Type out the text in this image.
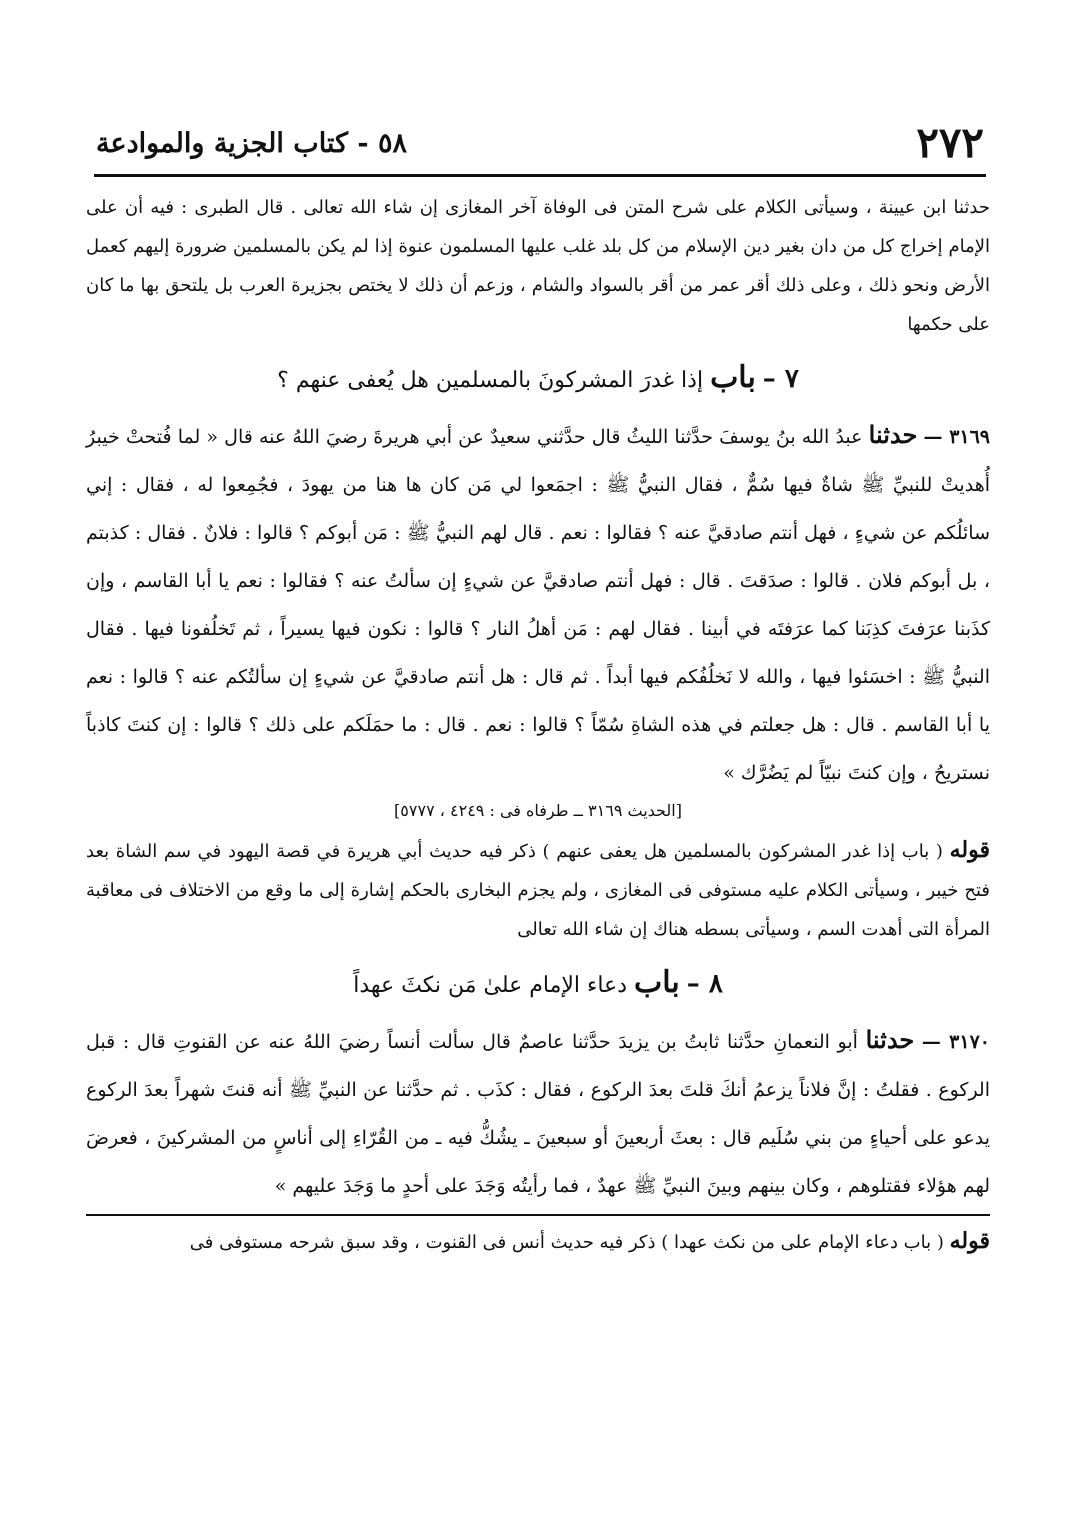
٢٧٢
٥٨ - كتاب الجزية والموادعة

حدثنا ابن عيينة ، وسيأتى الكلام على شرح المتن فى الوفاة آخر المغازى إن شاء الله تعالى . قال الطبرى : فيه أن على الإمام إخراج كل من دان بغير دين الإسلام من كل بلد غلب عليها المسلمون عنوة إذا لم يكن بالمسلمين ضرورة إليهم كعمل الأرض ونحو ذلك ، وعلى ذلك أقر عمر من أقر بالسواد والشام ، وزعم أن ذلك لا يختص بجزيرة العرب بل يلتحق بها ما كان على حكمها

٧ – باب إذا غدرَ المشركونَ بالمسلمين هل يُعفى عنهم ؟

٣١٦٩ — حدثنا عبدُ الله بنُ يوسفَ حدَّثنا الليثُ قال حدَّثني سعيدٌ عن أبي هريرةَ رضيَ اللهُ عنه قال « لما فُتحتْ خيبرُ أُهديتْ للنبيِّ ﷺ شاةٌ فيها سُمٌّ ، فقال النبيُّ ﷺ : اجمَعوا لي مَن كان ها هنا من يهودَ ، فجُمِعوا له ، فقال : إني سائلُكم عن شيءٍ ، فهل أنتم صادقيَّ عنه ؟ فقالوا : نعم . قال لهم النبيُّ ﷺ : مَن أبوكم ؟ قالوا : فلانٌ . فقال : كذبتم ، بل أبوكم فلان . قالوا : صدَقتَ . قال : فهل أنتم صادقيَّ عن شيءٍ إن سألتُ عنه ؟ فقالوا : نعم يا أبا القاسم ، وإن كذَبنا عرَفتَ كذِبَنا كما عرَفتَه في أبينا . فقال لهم : مَن أهلُ النار ؟ قالوا : نكون فيها يسيراً ، ثم تَخلُفونا فيها . فقال النبيُّ ﷺ : اخسَئوا فيها ، والله لا نَخلُفُكم فيها أبداً . ثم قال : هل أنتم صادقيَّ عن شيءٍ إن سألتُكم عنه ؟ قالوا : نعم يا أبا القاسم . قال : هل جعلتم في هذه الشاةِ سُمّاً ؟ قالوا : نعم . قال : ما حمَلَكم على ذلك ؟ قالوا : إن كنتَ كاذباً نستريحُ ، وإن كنتَ نبيّاً لم يَضُرَّك »

[الحديث ٣١٦٩ ــ طرفاه فى : ٤٢٤٩ ، ٥٧٧٧]

قوله ( باب إذا غدر المشركون بالمسلمين هل يعفى عنهم ) ذكر فيه حديث أبي هريرة في قصة اليهود في سم الشاة بعد فتح خيبر ، وسيأتى الكلام عليه مستوفى فى المغازى ، ولم يجزم البخارى بالحكم إشارة إلى ما وقع من الاختلاف فى معاقبة المرأة التى أهدت السم ، وسيأتى بسطه هناك إن شاء الله تعالى

٨ – باب دعاء الإمام علىٰ مَن نكثَ عهداً

٣١٧٠ — حدثنا أبو النعمانِ حدَّثنا ثابتُ بن يزيدَ حدَّثنا عاصمٌ قال سألت أنساً رضيَ اللهُ عنه عن القنوتِ قال : قبل الركوع . فقلتُ : إنَّ فلاناً يزعمُ أنكَ قلتَ بعدَ الركوع ، فقال : كذَب . ثم حدَّثنا عن النبيِّ ﷺ أنه قنتَ شهراً بعدَ الركوع يدعو على أحياءٍ من بني سُلَيم قال : بعثَ أربعينَ أو سبعينَ ـ يشُكُّ فيه ـ من القُرّاءِ إلى أناسٍ من المشركينَ ، فعرضَ لهم هؤلاء فقتلوهم ، وكان بينهم وبينَ النبيِّ ﷺ عهدٌ ، فما رأيتُه وَجَدَ على أحدٍ ما وَجَدَ عليهم »

قوله ( باب دعاء الإمام على من نكث عهدا ) ذكر فيه حديث أنس فى القنوت ، وقد سبق شرحه مستوفى فى
